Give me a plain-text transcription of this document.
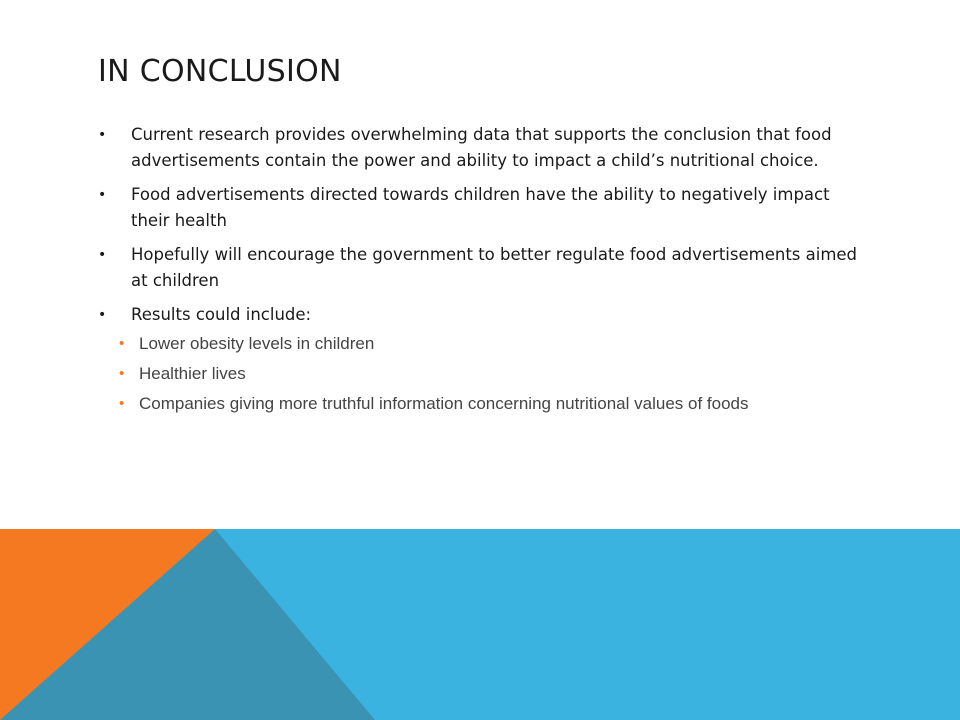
IN CONCLUSION
• Current research provides overwhelming data that supports the conclusion that food advertisements contain the power and ability to impact a child’s nutritional choice.
• Food advertisements directed towards children have the ability to negatively impact their health
• Hopefully will encourage the government to better regulate food advertisements aimed at children
• Results could include:
• Lower obesity levels in children
• Healthier lives
• Companies giving more truthful information concerning nutritional values of foods
